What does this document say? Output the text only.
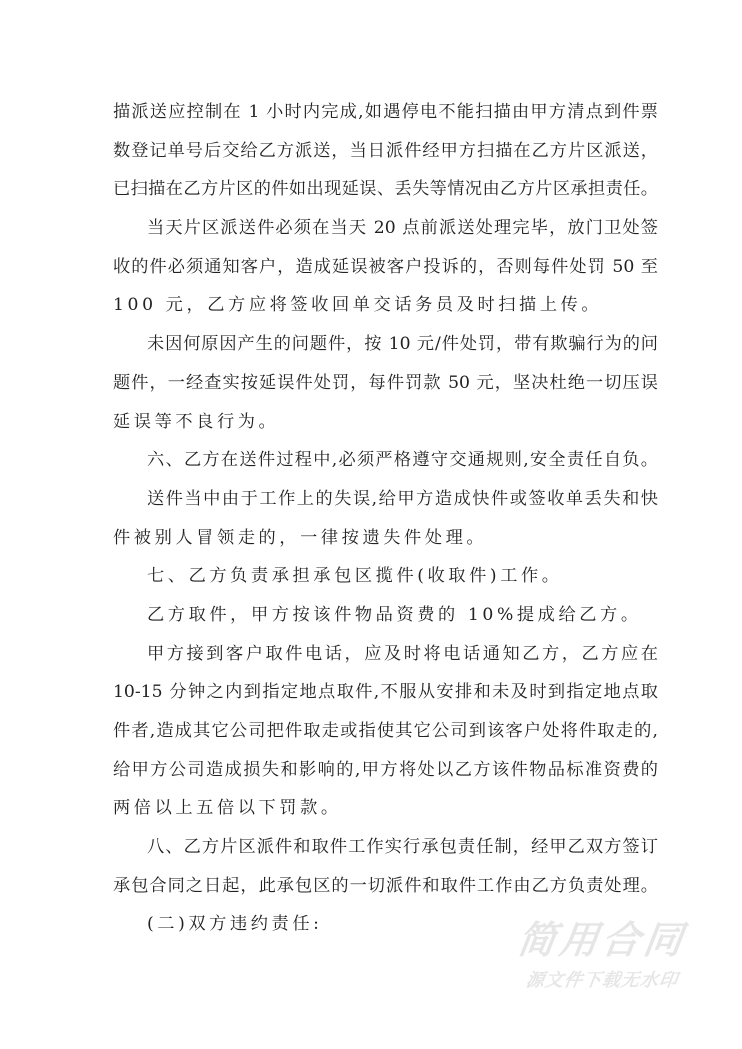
描派送应控制在 1 小时内完成,如遇停电不能扫描由甲方清点到件票
数登记单号后交给乙方派送，当日派件经甲方扫描在乙方片区派送，
已扫描在乙方片区的件如出现延误、丢失等情况由乙方片区承担责任。
当天片区派送件必须在当天 20 点前派送处理完毕，放门卫处签
收的件必须通知客户，造成延误被客户投诉的，否则每件处罚 50 至
100 元，乙方应将签收回单交话务员及时扫描上传。
未因何原因产生的问题件，按 10 元/件处罚，带有欺骗行为的问
题件，一经查实按延误件处罚，每件罚款 50 元，坚决杜绝一切压误
延误等不良行为。
六、乙方在送件过程中,必须严格遵守交通规则,安全责任自负。
送件当中由于工作上的失误,给甲方造成快件或签收单丢失和快
件被别人冒领走的，一律按遗失件处理。
七、乙方负责承担承包区揽件(收取件)工作。
乙方取件，甲方按该件物品资费的 10%提成给乙方。
甲方接到客户取件电话，应及时将电话通知乙方，乙方应在
10-15 分钟之内到指定地点取件,不服从安排和未及时到指定地点取
件者,造成其它公司把件取走或指使其它公司到该客户处将件取走的,
给甲方公司造成损失和影响的,甲方将处以乙方该件物品标准资费的
两倍以上五倍以下罚款。
八、乙方片区派件和取件工作实行承包责任制，经甲乙双方签订
承包合同之日起，此承包区的一切派件和取件工作由乙方负责处理。
(二)双方违约责任:	简用合同
源文件下载无水印
